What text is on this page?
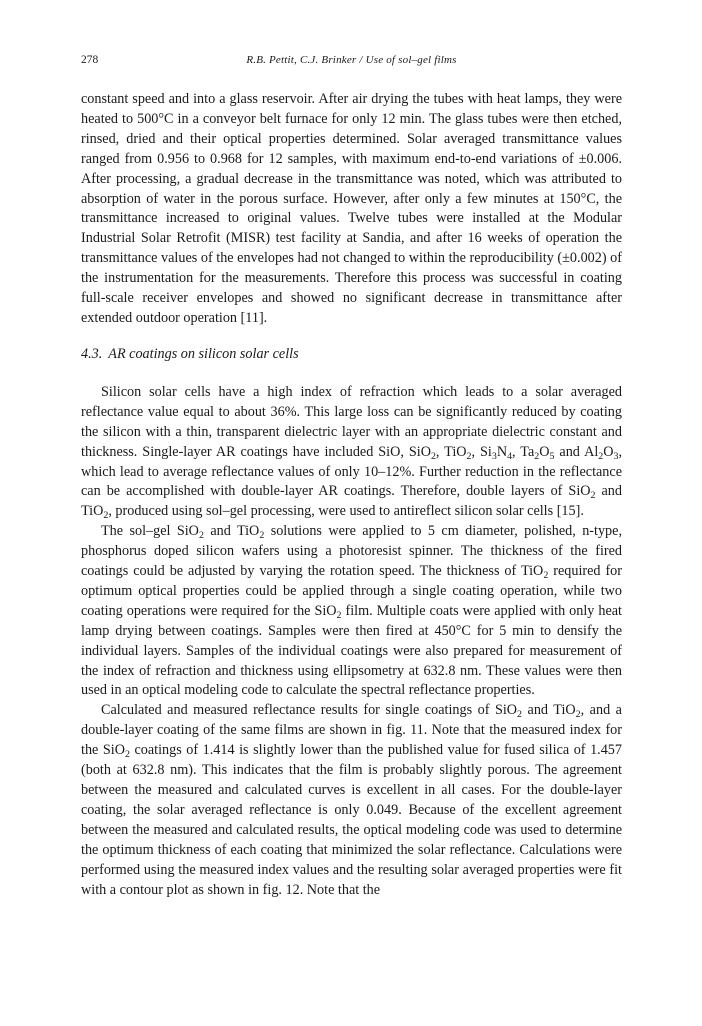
278	R.B. Pettit, C.J. Brinker / Use of sol–gel films

constant speed and into a glass reservoir. After air drying the tubes with heat lamps, they were heated to 500°C in a conveyor belt furnace for only 12 min. The glass tubes were then etched, rinsed, dried and their optical properties determined. Solar averaged transmittance values ranged from 0.956 to 0.968 for 12 samples, with maximum end-to-end variations of ±0.006. After processing, a gradual decrease in the transmittance was noted, which was attributed to absorption of water in the porous surface. However, after only a few minutes at 150°C, the transmittance increased to original values. Twelve tubes were installed at the Modular Industrial Solar Retrofit (MISR) test facility at Sandia, and after 16 weeks of operation the transmittance values of the envelopes had not changed to within the reproducibility (±0.002) of the instrumentation for the measurements. Therefore this process was successful in coating full-scale receiver envelopes and showed no significant decrease in transmittance after extended outdoor operation [11].

4.3. AR coatings on silicon solar cells

Silicon solar cells have a high index of refraction which leads to a solar averaged reflectance value equal to about 36%. This large loss can be significantly reduced by coating the silicon with a thin, transparent dielectric layer with an appropriate dielectric constant and thickness. Single-layer AR coatings have included SiO, SiO$_2$, TiO$_2$, $Si_3N_4$, $Ta_2O_5$ and $Al_2O_3$, which lead to average reflectance values of only 10–12%. Further reduction in the reflectance can be accomplished with double-layer AR coatings. Therefore, double layers of SiO$_2$ and TiO$_2$, produced using sol–gel processing, were used to antireflect silicon solar cells [15].

The sol–gel SiO$_2$ and TiO$_2$ solutions were applied to 5 cm diameter, polished, n-type, phosphorus doped silicon wafers using a photoresist spinner. The thickness of the fired coatings could be adjusted by varying the rotation speed. The thickness of TiO$_2$ required for optimum optical properties could be applied through a single coating operation, while two coating operations were required for the SiO$_2$ film. Multiple coats were applied with only heat lamp drying between coatings. Samples were then fired at 450°C for 5 min to densify the individual layers. Samples of the individual coatings were also prepared for measurement of the index of refraction and thickness using ellipsometry at 632.8 nm. These values were then used in an optical modeling code to calculate the spectral reflectance properties.

Calculated and measured reflectance results for single coatings of SiO$_2$ and TiO$_2$, and a double-layer coating of the same films are shown in fig. 11. Note that the measured index for the SiO$_2$ coatings of 1.414 is slightly lower than the published value for fused silica of 1.457 (both at 632.8 nm). This indicates that the film is probably slightly porous. The agreement between the measured and calculated curves is excellent in all cases. For the double-layer coating, the solar averaged reflectance is only 0.049. Because of the excellent agreement between the measured and calculated results, the optical modeling code was used to determine the optimum thickness of each coating that minimized the solar reflectance. Calculations were performed using the measured index values and the resulting solar averaged properties were fit with a contour plot as shown in fig. 12. Note that the
